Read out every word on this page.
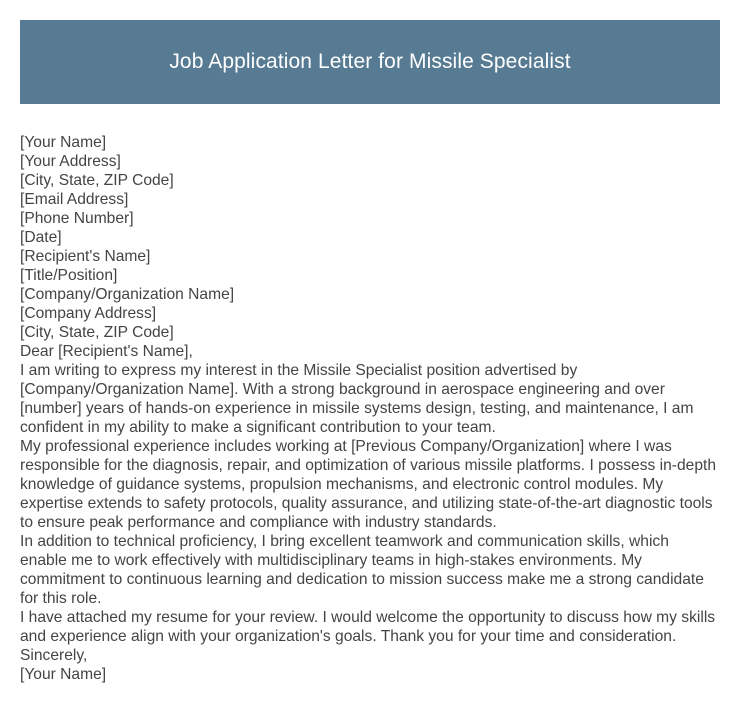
Job Application Letter for Missile Specialist
[Your Name]
[Your Address]
[City, State, ZIP Code]
[Email Address]
[Phone Number]
[Date]
[Recipient's Name]
[Title/Position]
[Company/Organization Name]
[Company Address]
[City, State, ZIP Code]
Dear [Recipient's Name],

I am writing to express my interest in the Missile Specialist position advertised by [Company/Organization Name]. With a strong background in aerospace engineering and over [number] years of hands-on experience in missile systems design, testing, and maintenance, I am confident in my ability to make a significant contribution to your team.

My professional experience includes working at [Previous Company/Organization] where I was responsible for the diagnosis, repair, and optimization of various missile platforms. I possess in-depth knowledge of guidance systems, propulsion mechanisms, and electronic control modules. My expertise extends to safety protocols, quality assurance, and utilizing state-of-the-art diagnostic tools to ensure peak performance and compliance with industry standards.

In addition to technical proficiency, I bring excellent teamwork and communication skills, which enable me to work effectively with multidisciplinary teams in high-stakes environments. My commitment to continuous learning and dedication to mission success make me a strong candidate for this role.

I have attached my resume for your review. I would welcome the opportunity to discuss how my skills and experience align with your organization's goals. Thank you for your time and consideration.

Sincerely,
[Your Name]
